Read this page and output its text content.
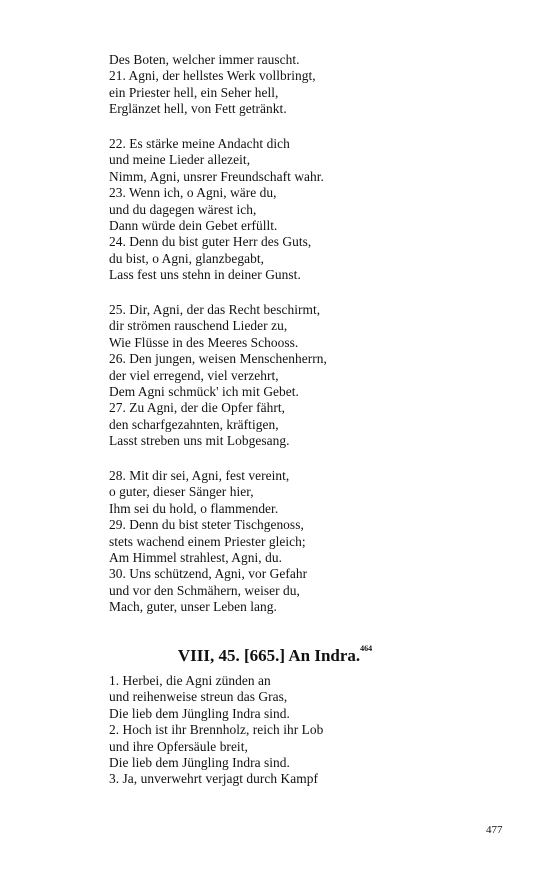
Des Boten, welcher immer rauscht.
21. Agni, der hellstes Werk vollbringt,
ein Priester hell, ein Seher hell,
Erglänzet hell, von Fett getränkt.
22. Es stärke meine Andacht dich
und meine Lieder allezeit,
Nimm, Agni, unsrer Freundschaft wahr.
23. Wenn ich, o Agni, wäre du,
und du dagegen wärest ich,
Dann würde dein Gebet erfüllt.
24. Denn du bist guter Herr des Guts,
du bist, o Agni, glanzbegabt,
Lass fest uns stehn in deiner Gunst.
25. Dir, Agni, der das Recht beschirmt,
dir strömen rauschend Lieder zu,
Wie Flüsse in des Meeres Schooss.
26. Den jungen, weisen Menschenherrn,
der viel erregend, viel verzehrt,
Dem Agni schmück' ich mit Gebet.
27. Zu Agni, der die Opfer fährt,
den scharfgezahnten, kräftigen,
Lasst streben uns mit Lobgesang.
28. Mit dir sei, Agni, fest vereint,
o guter, dieser Sänger hier,
Ihm sei du hold, o flammender.
29. Denn du bist steter Tischgenoss,
stets wachend einem Priester gleich;
Am Himmel strahlest, Agni, du.
30. Uns schützend, Agni, vor Gefahr
und vor den Schmähern, weiser du,
Mach, guter, unser Leben lang.
VIII, 45. [665.] An Indra.$^{464}$
1. Herbei, die Agni zünden an
und reihenweise streun das Gras,
Die lieb dem Jüngling Indra sind.
2. Hoch ist ihr Brennholz, reich ihr Lob
und ihre Opfersäule breit,
Die lieb dem Jüngling Indra sind.
3. Ja, unverwehrt verjagt durch Kampf
477
